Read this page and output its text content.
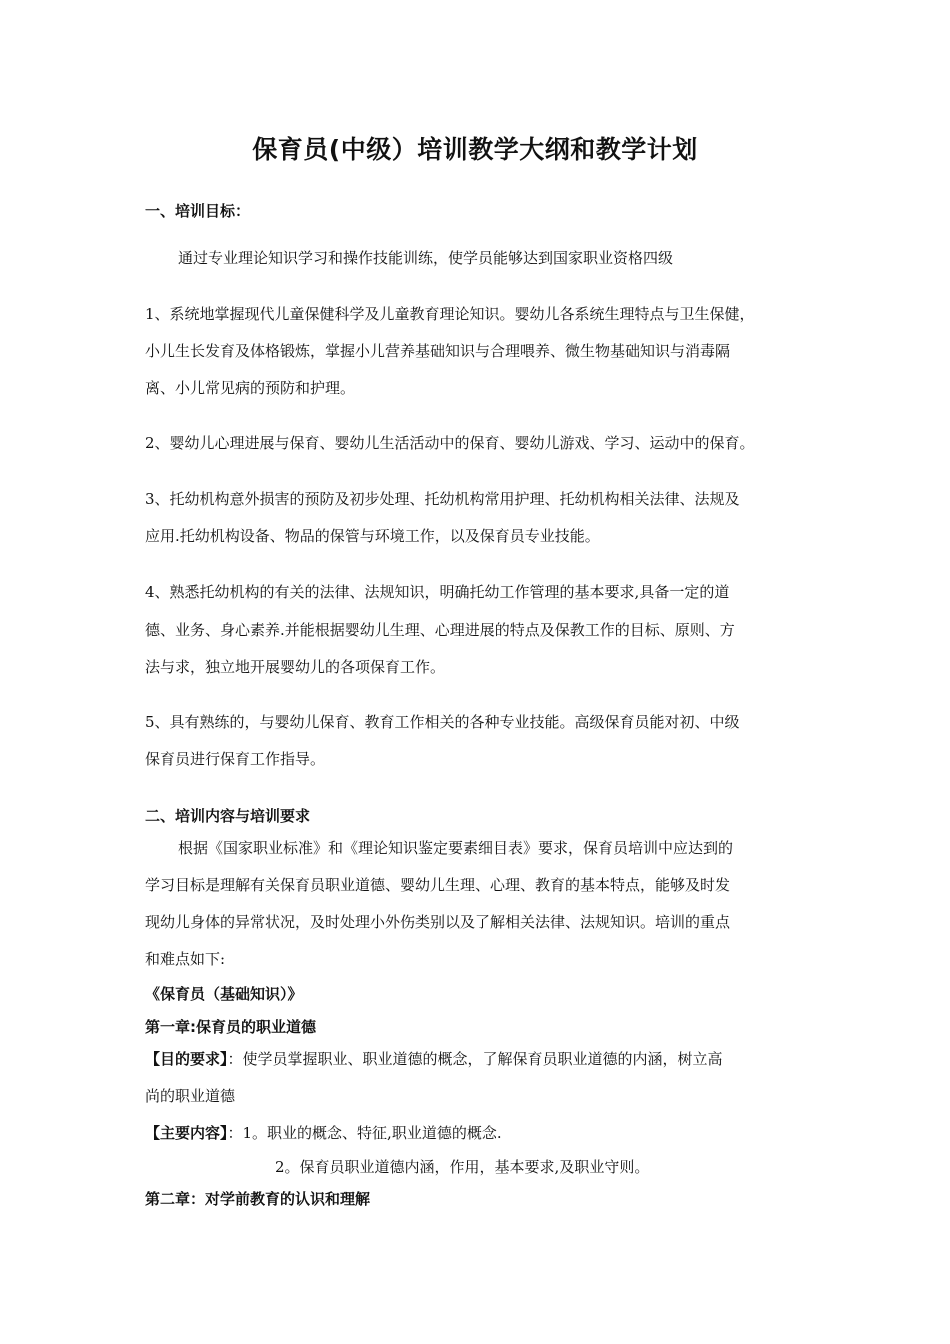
保育员(中级）培训教学大纲和教学计划
一、培训目标：
通过专业理论知识学习和操作技能训练，使学员能够达到国家职业资格四级
1、系统地掌握现代儿童保健科学及儿童教育理论知识。婴幼儿各系统生理特点与卫生保健，
小儿生长发育及体格锻炼，掌握小儿营养基础知识与合理喂养、微生物基础知识与消毒隔
离、小儿常见病的预防和护理。
2、婴幼儿心理进展与保育、婴幼儿生活活动中的保育、婴幼儿游戏、学习、运动中的保育。
3、托幼机构意外损害的预防及初步处理、托幼机构常用护理、托幼机构相关法律、法规及
应用.托幼机构设备、物品的保管与环境工作，以及保育员专业技能。
4、熟悉托幼机构的有关的法律、法规知识，明确托幼工作管理的基本要求,具备一定的道
德、业务、身心素养.并能根据婴幼儿生理、心理进展的特点及保教工作的目标、原则、方
法与求，独立地开展婴幼儿的各项保育工作。
5、具有熟练的，与婴幼儿保育、教育工作相关的各种专业技能。高级保育员能对初、中级
保育员进行保育工作指导。
二、培训内容与培训要求
根据《国家职业标准》和《理论知识鉴定要素细目表》要求，保育员培训中应达到的
学习目标是理解有关保育员职业道德、婴幼儿生理、心理、教育的基本特点，能够及时发
现幼儿身体的异常状况，及时处理小外伤类别以及了解相关法律、法规知识。培训的重点
和难点如下:
《保育员（基础知识）》
第一章:保育员的职业道德
【目的要求】：使学员掌握职业、职业道德的概念，了解保育员职业道德的内涵，树立高
尚的职业道德
【主要内容】：1。职业的概念、特征,职业道德的概念.
2。保育员职业道德内涵，作用，基本要求,及职业守则。
第二章：对学前教育的认识和理解
